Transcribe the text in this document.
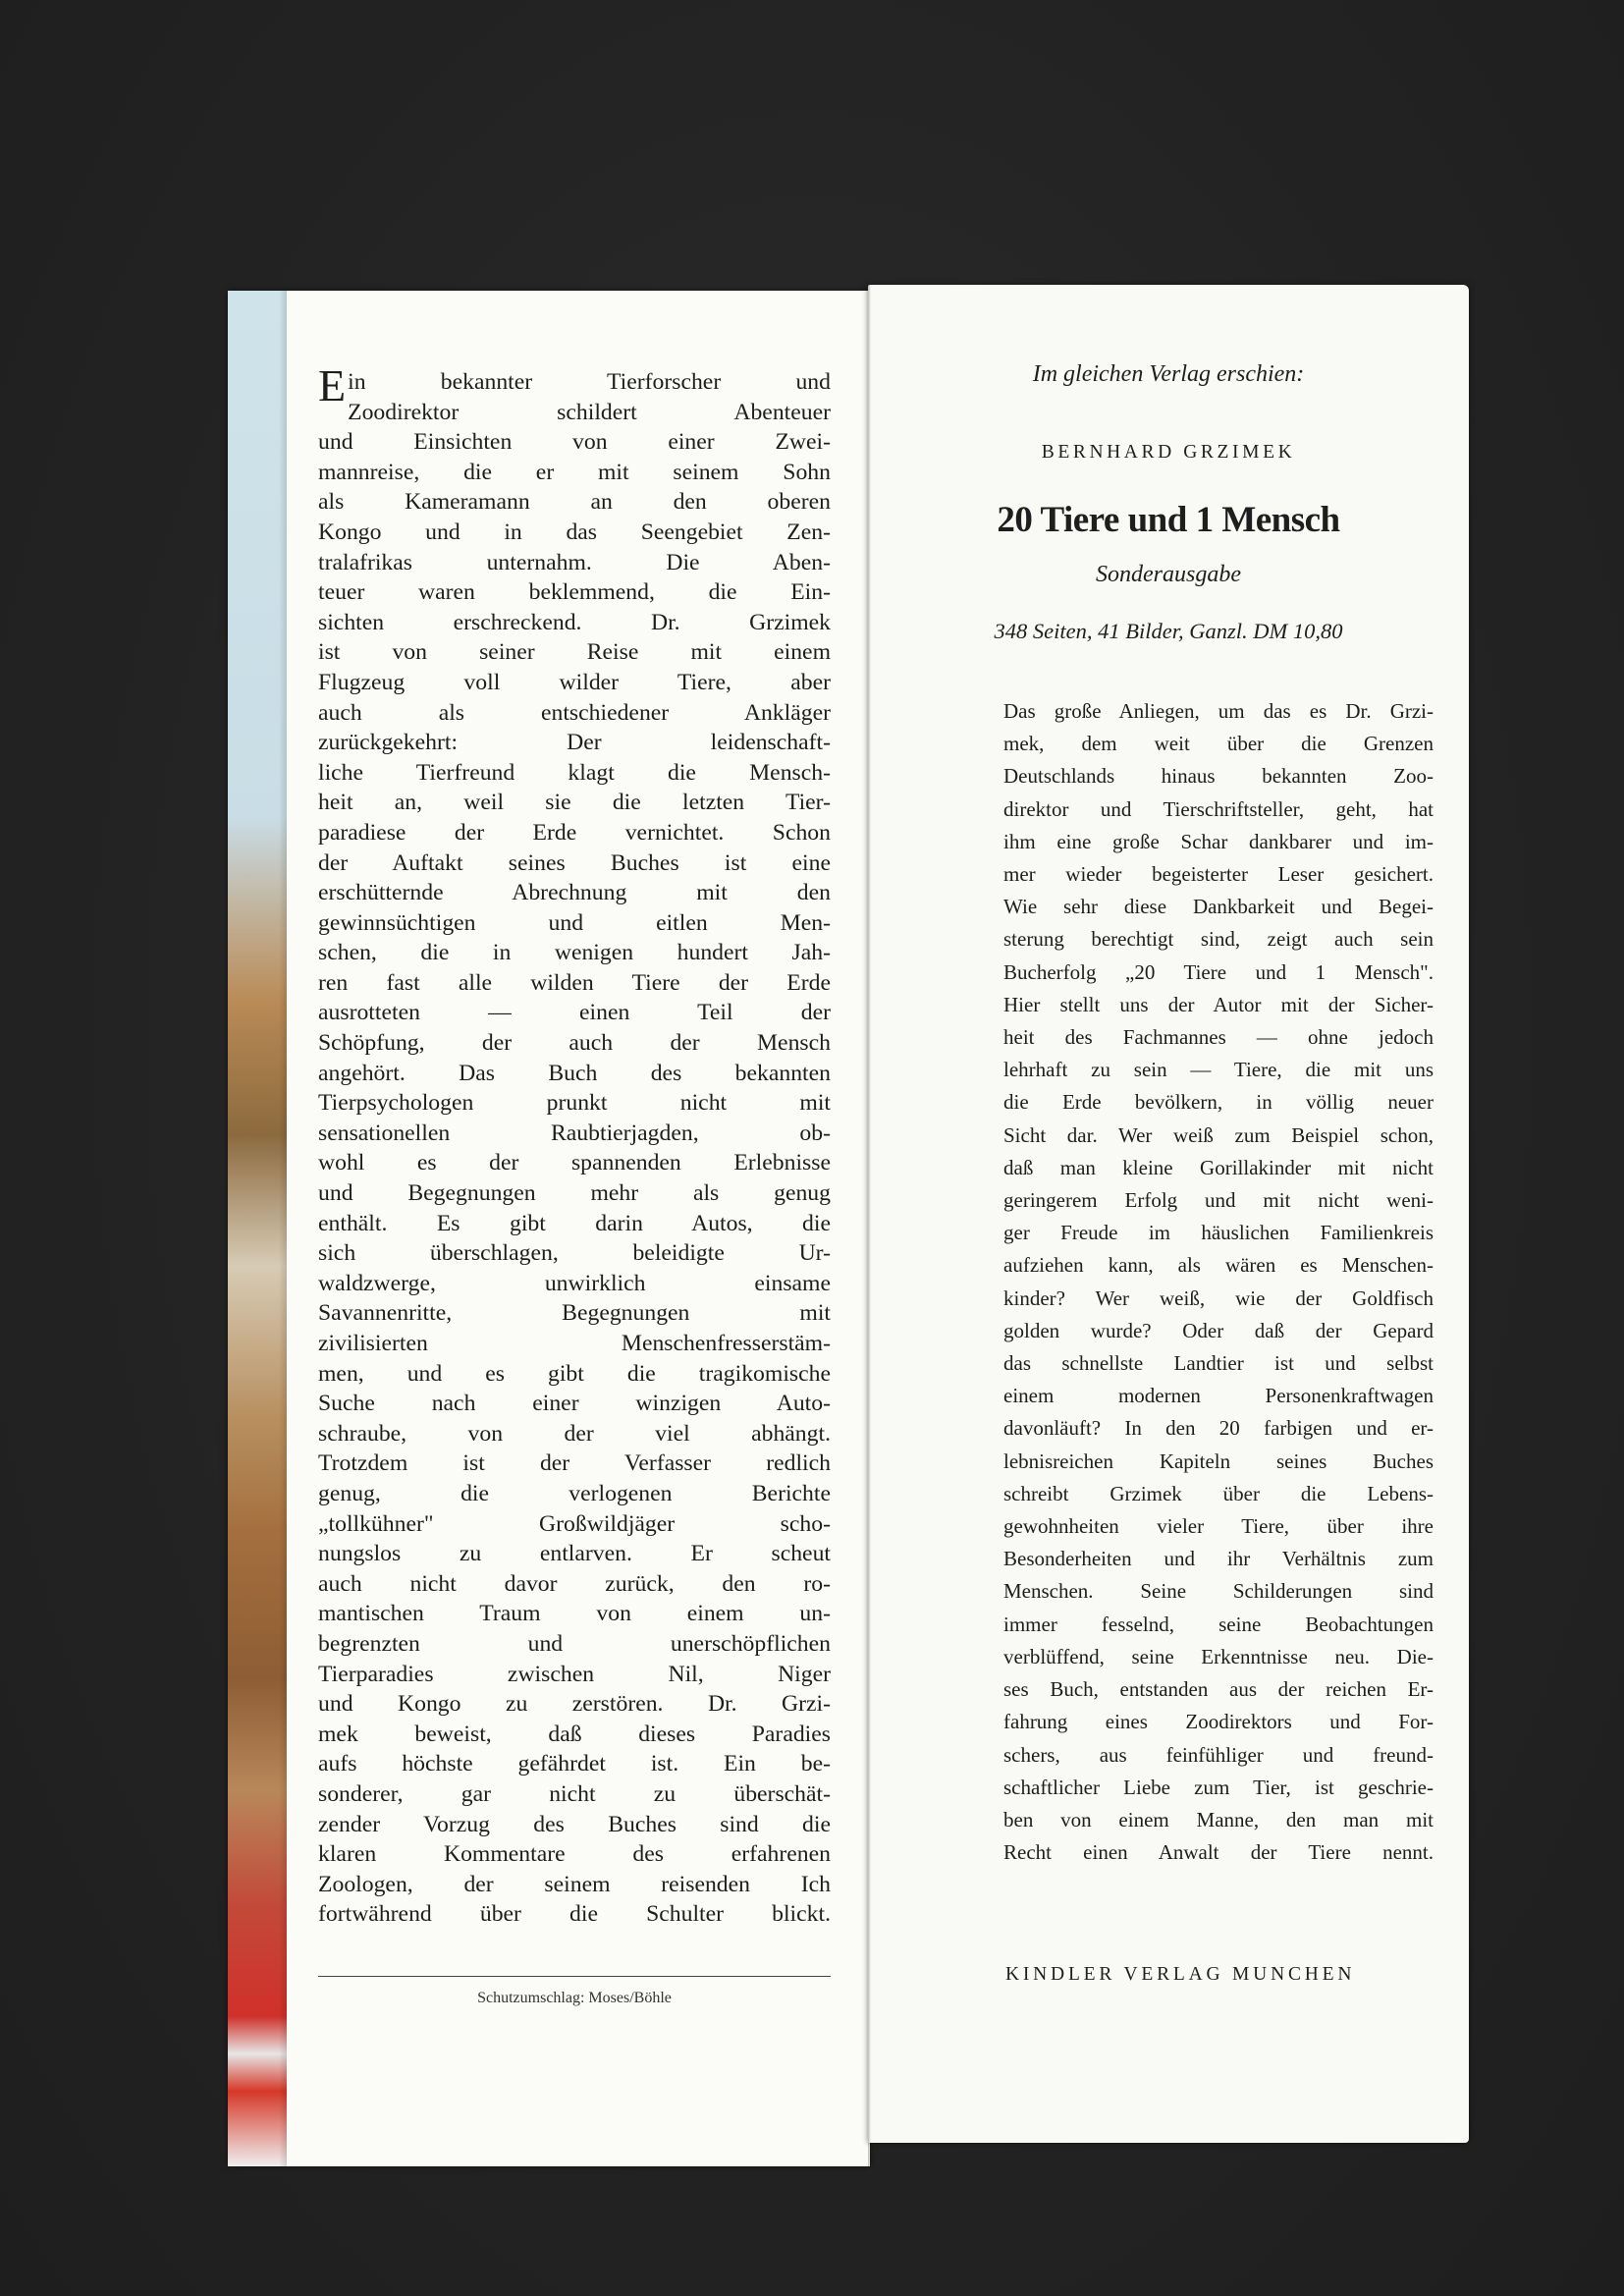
E in bekannter Tierforscher und
Zoodirektor schildert Abenteuer
und Einsichten von einer Zwei-
mannreise, die er mit seinem Sohn
als Kameramann an den oberen
Kongo und in das Seengebiet Zen-
tralafrikas unternahm. Die Aben-
teuer waren beklemmend, die Ein-
sichten erschreckend. Dr. Grzimek
ist von seiner Reise mit einem
Flugzeug voll wilder Tiere, aber
auch als entschiedener Ankläger
zurückgekehrt: Der leidenschaft-
liche Tierfreund klagt die Mensch-
heit an, weil sie die letzten Tier-
paradiese der Erde vernichtet. Schon
der Auftakt seines Buches ist eine
erschütternde Abrechnung mit den
gewinnsüchtigen und eitlen Men-
schen, die in wenigen hundert Jah-
ren fast alle wilden Tiere der Erde
ausrotteten — einen Teil der
Schöpfung, der auch der Mensch
angehört. Das Buch des bekannten
Tierpsychologen prunkt nicht mit
sensationellen Raubtierjagden, ob-
wohl es der spannenden Erlebnisse
und Begegnungen mehr als genug
enthält. Es gibt darin Autos, die
sich überschlagen, beleidigte Ur-
waldzwerge, unwirklich einsame
Savannenritte, Begegnungen mit
zivilisierten Menschenfresserstäm-
men, und es gibt die tragikomische
Suche nach einer winzigen Auto-
schraube, von der viel abhängt.
Trotzdem ist der Verfasser redlich
genug, die verlogenen Berichte
„tollkühner" Großwildjäger scho-
nungslos zu entlarven. Er scheut
auch nicht davor zurück, den ro-
mantischen Traum von einem un-
begrenzten und unerschöpflichen
Tierparadies zwischen Nil, Niger
und Kongo zu zerstören. Dr. Grzi-
mek beweist, daß dieses Paradies
aufs höchste gefährdet ist. Ein be-
sonderer, gar nicht zu überschät-
zender Vorzug des Buches sind die
klaren Kommentare des erfahrenen
Zoologen, der seinem reisenden Ich
fortwährend über die Schulter blickt.

Schutzumschlag: Moses/Böhle

Im gleichen Verlag erschien:

BERNHARD GRZIMEK

20 Tiere und 1 Mensch

Sonderausgabe

348 Seiten, 41 Bilder, Ganzl. DM 10,80

Das große Anliegen, um das es Dr. Grzi-
mek, dem weit über die Grenzen
Deutschlands hinaus bekannten Zoo-
direktor und Tierschriftsteller, geht, hat
ihm eine große Schar dankbarer und im-
mer wieder begeisterter Leser gesichert.
Wie sehr diese Dankbarkeit und Begei-
sterung berechtigt sind, zeigt auch sein
Bucherfolg „20 Tiere und 1 Mensch".
Hier stellt uns der Autor mit der Sicher-
heit des Fachmannes — ohne jedoch
lehrhaft zu sein — Tiere, die mit uns
die Erde bevölkern, in völlig neuer
Sicht dar. Wer weiß zum Beispiel schon,
daß man kleine Gorillakinder mit nicht
geringerem Erfolg und mit nicht weni-
ger Freude im häuslichen Familienkreis
aufziehen kann, als wären es Menschen-
kinder? Wer weiß, wie der Goldfisch
golden wurde? Oder daß der Gepard
das schnellste Landtier ist und selbst
einem modernen Personenkraftwagen
davonläuft? In den 20 farbigen und er-
lebnisreichen Kapiteln seines Buches
schreibt Grzimek über die Lebens-
gewohnheiten vieler Tiere, über ihre
Besonderheiten und ihr Verhältnis zum
Menschen. Seine Schilderungen sind
immer fesselnd, seine Beobachtungen
verblüffend, seine Erkenntnisse neu. Die-
ses Buch, entstanden aus der reichen Er-
fahrung eines Zoodirektors und For-
schers, aus feinfühliger und freund-
schaftlicher Liebe zum Tier, ist geschrie-
ben von einem Manne, den man mit
Recht einen Anwalt der Tiere nennt.

KINDLER VERLAG MUNCHEN
